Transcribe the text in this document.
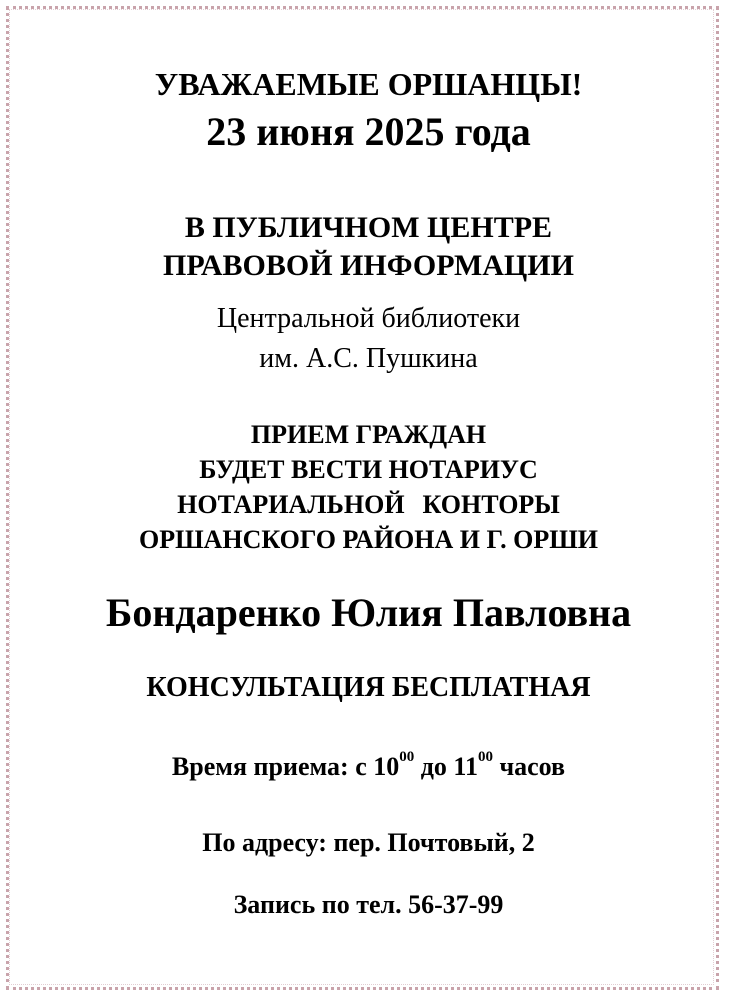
УВАЖАЕМЫЕ ОРШАНЦЫ!
23 июня 2025 года
В ПУБЛИЧНОМ ЦЕНТРЕ
ПРАВОВОЙ ИНФОРМАЦИИ
Центральной библиотеки
им. А.С. Пушкина
ПРИЕМ ГРАЖДАН
БУДЕТ ВЕСТИ НОТАРИУС
НОТАРИАЛЬНОЙ КОНТОРЫ
ОРШАНСКОГО РАЙОНА И Г. ОРШИ
Бондаренко Юлия Павловна
КОНСУЛЬТАЦИЯ БЕСПЛАТНАЯ
Время приема: с $10^{00}$ до $11^{00}$ часов
По адресу: пер. Почтовый, 2
Запись по тел. 56-37-99
